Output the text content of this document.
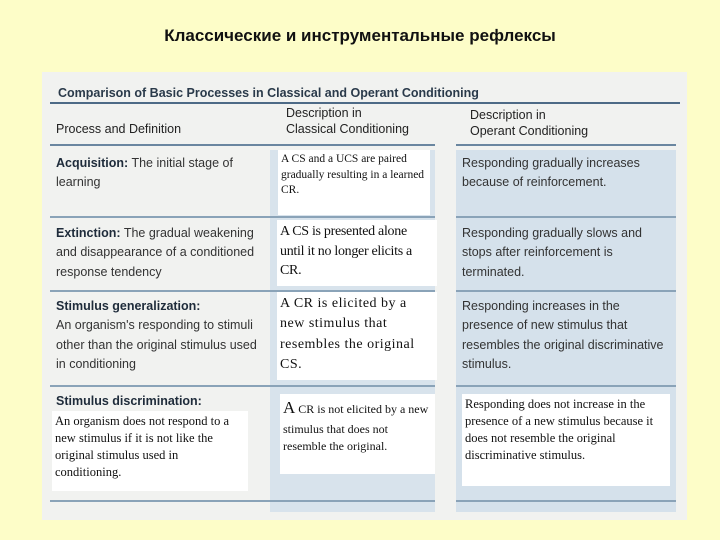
Классические и инструментальные рефлексы
Comparison of Basic Processes in Classical and Operant Conditioning
Process and Definition
Description in
Classical Conditioning
Description in
Operant Conditioning
Acquisition: The initial stage of learning
Extinction: The gradual weakening and disappearance of a conditioned response tendency
Stimulus generalization:
An organism's responding to stimuli other than the original stimulus used in conditioning
Stimulus discrimination:
Responding gradually increases because of reinforcement.
Responding gradually slows and stops after reinforcement is terminated.
Responding increases in the presence of new stimulus that resembles the original discriminative stimulus.
A CS and a UCS are paired gradually resulting in a learned CR.
A CS is presented alone until it no longer elicits a CR.
A CR is elicited by a new stimulus that resembles the original CS.
A CR is not elicited by a new stimulus that does not resemble the original.
An organism does not respond to a new stimulus if it is not like the original stimulus used in conditioning.
Responding does not increase in the presence of a new stimulus because it does not resemble the original discriminative stimulus.
